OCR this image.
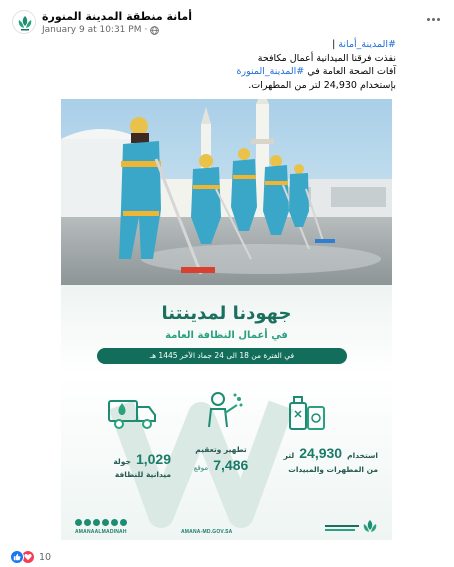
أمانة منطقة المدينة المنورة
January 9 at 10:31 PM ·
#المدينة_أمانة |
نفذت فرقنا الميدانية أعمال مكافحة
آفات الصحة العامة في #المدينة_المنورة
بإستخدام 24,930 لتر من المطهرات.
جهودنا لمدينتنا
في أعمال النظافة العامة
في الفترة من 18 الى 24 جماد الآخر 1445 هـ
استخدام 24,930 لتر
من المطهرات والمبيدات
تطهير وتعقيم
7,486 موقع
1,029 جولة
ميدانية للنظافة
AMANAALMADINAH	AMANA-MD.GOV.SA
10
